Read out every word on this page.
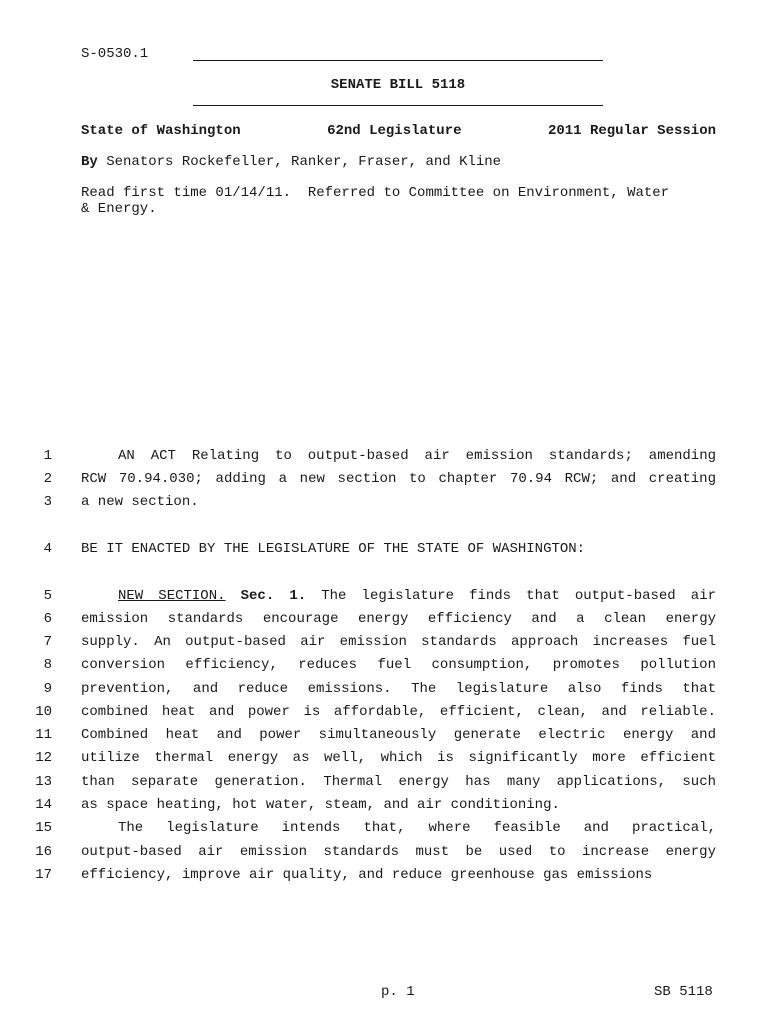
S-0530.1
SENATE BILL 5118
State of Washington	62nd Legislature	2011 Regular Session
By Senators Rockefeller, Ranker, Fraser, and Kline
Read first time 01/14/11.  Referred to Committee on Environment, Water
& Energy.
1	AN ACT Relating to output-based air emission standards; amending
2 RCW 70.94.030; adding a new section to chapter 70.94 RCW; and creating
3 a new section.
4 BE IT ENACTED BY THE LEGISLATURE OF THE STATE OF WASHINGTON:
5	NEW SECTION. Sec. 1. The legislature finds that output-based air
6 emission standards encourage energy efficiency and a clean energy
7 supply. An output-based air emission standards approach increases fuel
8 conversion efficiency, reduces fuel consumption, promotes pollution
9 prevention, and reduce emissions. The legislature also finds that
10 combined heat and power is affordable, efficient, clean, and reliable.
11 Combined heat and power simultaneously generate electric energy and
12 utilize thermal energy as well, which is significantly more efficient
13 than separate generation. Thermal energy has many applications, such
14 as space heating, hot water, steam, and air conditioning.
15	The legislature intends that, where feasible and practical,
16 output-based air emission standards must be used to increase energy
17 efficiency, improve air quality, and reduce greenhouse gas emissions
p. 1	SB 5118
